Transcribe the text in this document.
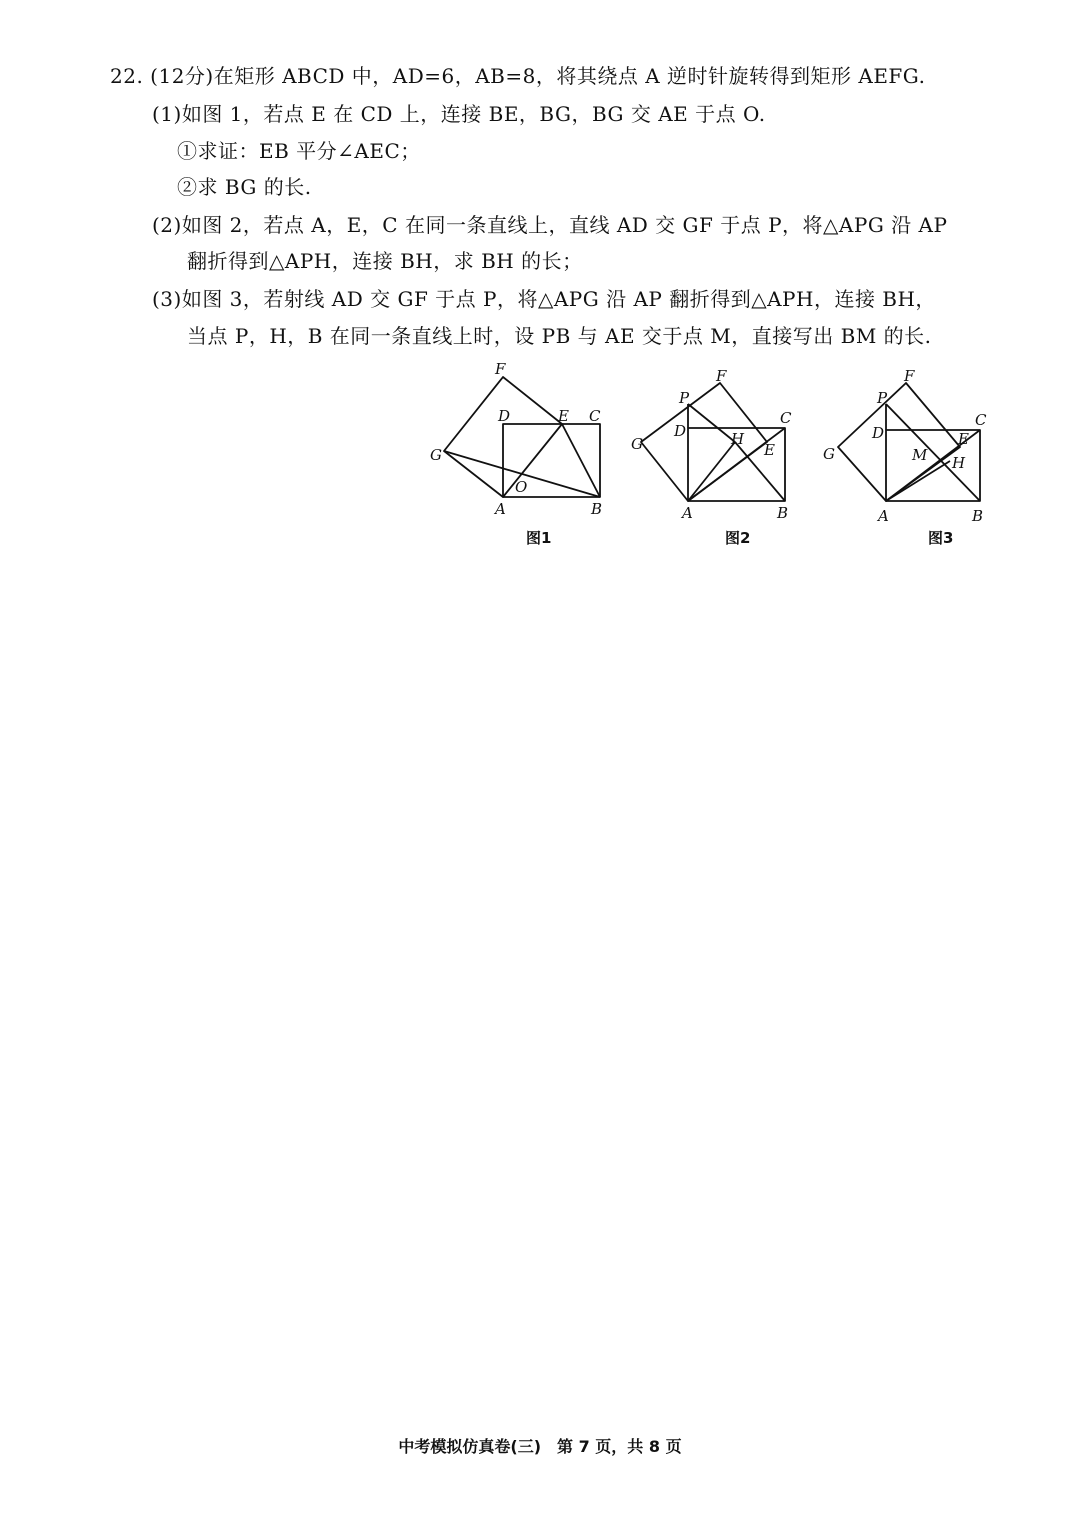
22. (12分)在矩形 ABCD 中，AD=6，AB=8，将其绕点 A 逆时针旋转得到矩形 AEFG.
(1)如图 1，若点 E 在 CD 上，连接 BE，BG，BG 交 AE 于点 O.
①求证：EB 平分∠AEC；
②求 BG 的长.
(2)如图 2，若点 A，E，C 在同一条直线上，直线 AD 交 GF 于点 P，将△APG 沿 AP
翻折得到△APH，连接 BH，求 BH 的长；
(3)如图 3，若射线 AD 交 GF 于点 P，将△APG 沿 AP 翻折得到△APH，连接 BH，
当点 P，H，B 在同一条直线上时，设 PB 与 AE 交于点 M，直接写出 BM 的长.
F
D	E C
G
O
A	B
P
F
D	H
C
G	E
A	B
P
F
D	E
C
G	M H
A	B
图1	图2	图3
中考模拟仿真卷(三)　第 7 页，共 8 页
